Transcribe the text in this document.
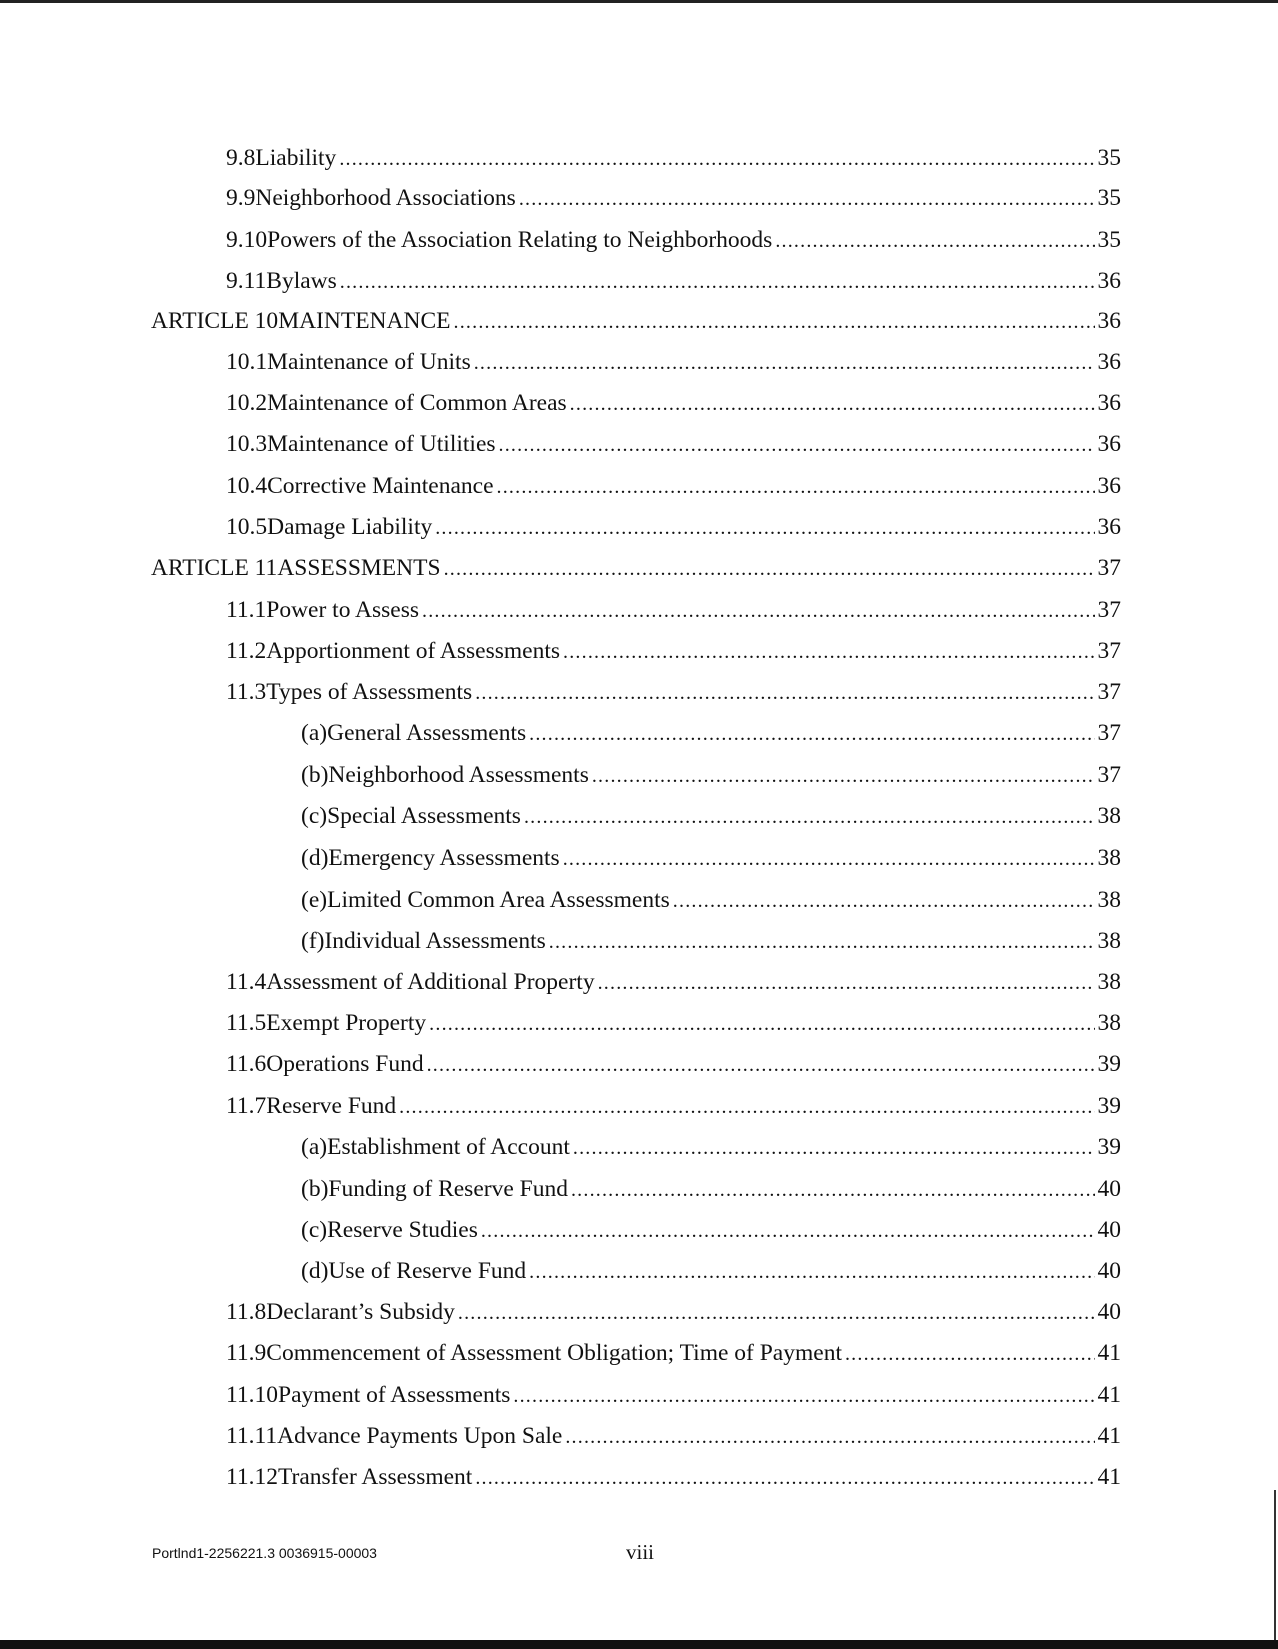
9.8 Liability .....	35
9.9 Neighborhood Associations .....	35
9.10 Powers of the Association Relating to Neighborhoods .....	35
9.11 Bylaws .....	36
ARTICLE 10 MAINTENANCE .....	36
10.1 Maintenance of Units .....	36
10.2 Maintenance of Common Areas .....	36
10.3 Maintenance of Utilities .....	36
10.4 Corrective Maintenance .....	36
10.5 Damage Liability .....	36
ARTICLE 11 ASSESSMENTS .....	37
11.1 Power to Assess .....	37
11.2 Apportionment of Assessments .....	37
11.3 Types of Assessments .....	37
(a) General Assessments .....	37
(b) Neighborhood Assessments .....	37
(c) Special Assessments .....	38
(d) Emergency Assessments .....	38
(e) Limited Common Area Assessments .....	38
(f) Individual Assessments .....	38
11.4 Assessment of Additional Property .....	38
11.5 Exempt Property .....	38
11.6 Operations Fund .....	39
11.7 Reserve Fund .....	39
(a) Establishment of Account .....	39
(b) Funding of Reserve Fund .....	40
(c) Reserve Studies .....	40
(d) Use of Reserve Fund .....	40
11.8 Declarant’s Subsidy .....	40
11.9 Commencement of Assessment Obligation; Time of Payment .....	41
11.10 Payment of Assessments .....	41
11.11 Advance Payments Upon Sale .....	41
11.12 Transfer Assessment .....	41
Portlnd1-2256221.3 0036915-00003	viii
